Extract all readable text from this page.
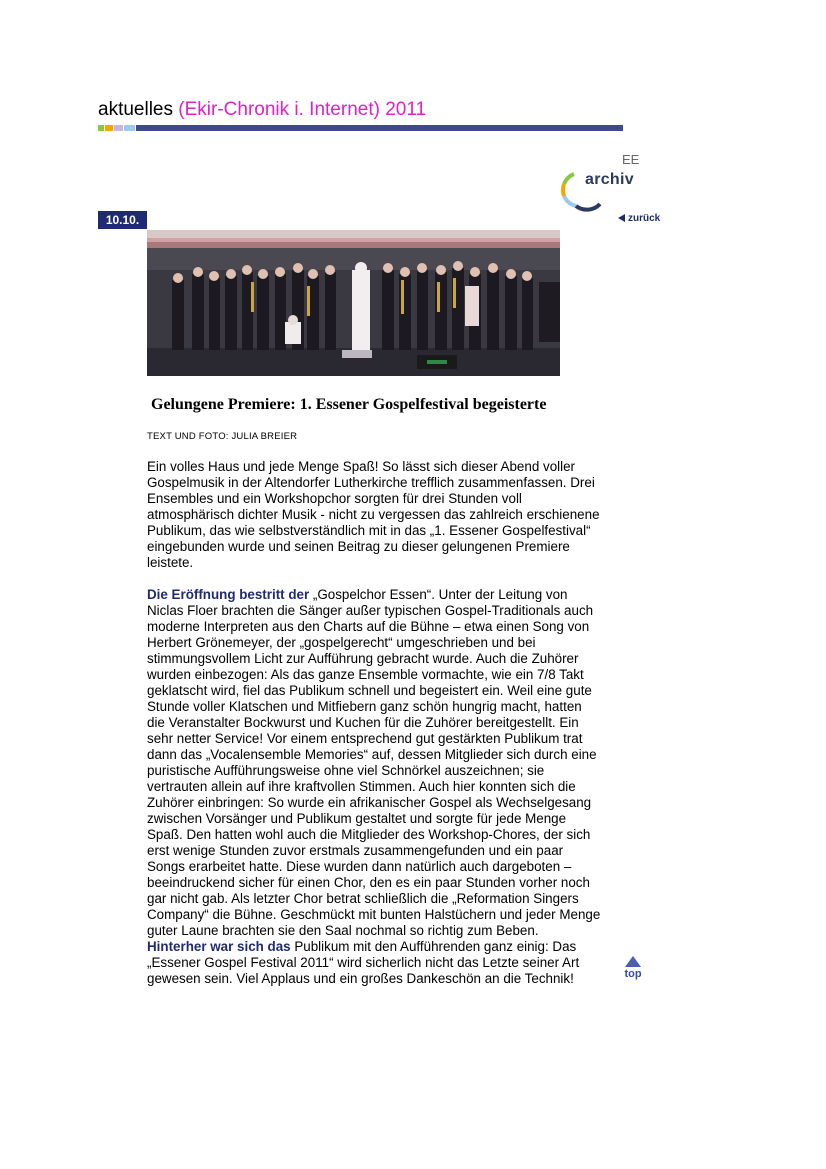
aktuelles (Ekir-Chronik i. Internet) 2011
EE
archiv
10.10.	zurück
Gelungene Premiere: 1. Essener Gospelfestival begeisterte
TEXT UND FOTO: JULIA BREIER
Ein volles Haus und jede Menge Spaß! So lässt sich dieser Abend voller
Gospelmusik in der Altendorfer Lutherkirche trefflich zusammenfassen. Drei
Ensembles und ein Workshopchor sorgten für drei Stunden voll
atmosphärisch dichter Musik - nicht zu vergessen das zahlreich erschienene
Publikum, das wie selbstverständlich mit in das „1. Essener Gospelfestival“
eingebunden wurde und seinen Beitrag zu dieser gelungenen Premiere
leistete.
Die Eröffnung bestritt der „Gospelchor Essen“. Unter der Leitung von
Niclas Floer brachten die Sänger außer typischen Gospel-Traditionals auch
moderne Interpreten aus den Charts auf die Bühne – etwa einen Song von
Herbert Grönemeyer, der „gospelgerecht“ umgeschrieben und bei
stimmungsvollem Licht zur Aufführung gebracht wurde. Auch die Zuhörer
wurden einbezogen: Als das ganze Ensemble vormachte, wie ein 7/8 Takt
geklatscht wird, fiel das Publikum schnell und begeistert ein. Weil eine gute
Stunde voller Klatschen und Mitfiebern ganz schön hungrig macht, hatten
die Veranstalter Bockwurst und Kuchen für die Zuhörer bereitgestellt. Ein
sehr netter Service! Vor einem entsprechend gut gestärkten Publikum trat
dann das „Vocalensemble Memories“ auf, dessen Mitglieder sich durch eine
puristische Aufführungsweise ohne viel Schnörkel auszeichnen; sie
vertrauten allein auf ihre kraftvollen Stimmen. Auch hier konnten sich die
Zuhörer einbringen: So wurde ein afrikanischer Gospel als Wechselgesang
zwischen Vorsänger und Publikum gestaltet und sorgte für jede Menge
Spaß. Den hatten wohl auch die Mitglieder des Workshop-Chores, der sich
erst wenige Stunden zuvor erstmals zusammengefunden und ein paar
Songs erarbeitet hatte. Diese wurden dann natürlich auch dargeboten –
beeindruckend sicher für einen Chor, den es ein paar Stunden vorher noch
gar nicht gab. Als letzter Chor betrat schließlich die „Reformation Singers
Company“ die Bühne. Geschmückt mit bunten Halstüchern und jeder Menge
guter Laune brachten sie den Saal nochmal so richtig zum Beben.
Hinterher war sich das Publikum mit den Aufführenden ganz einig: Das
„Essener Gospel Festival 2011“ wird sicherlich nicht das Letzte seiner Art
gewesen sein. Viel Applaus und ein großes Dankeschön an die Technik!	top
